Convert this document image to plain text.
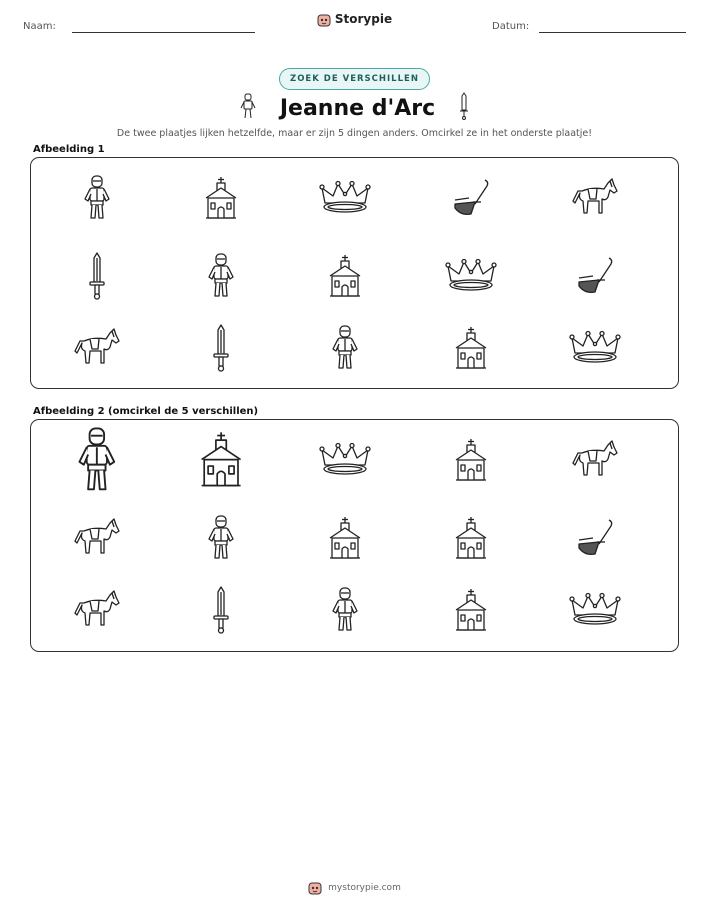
Naam:
Storypie
Datum:
ZOEK DE VERSCHILLEN
Jeanne d'Arc
De twee plaatjes lijken hetzelfde, maar er zijn 5 dingen anders. Omcirkel ze in het onderste plaatje!
Afbeelding 1
Afbeelding 2 (omcirkel de 5 verschillen)
mystorypie.com
